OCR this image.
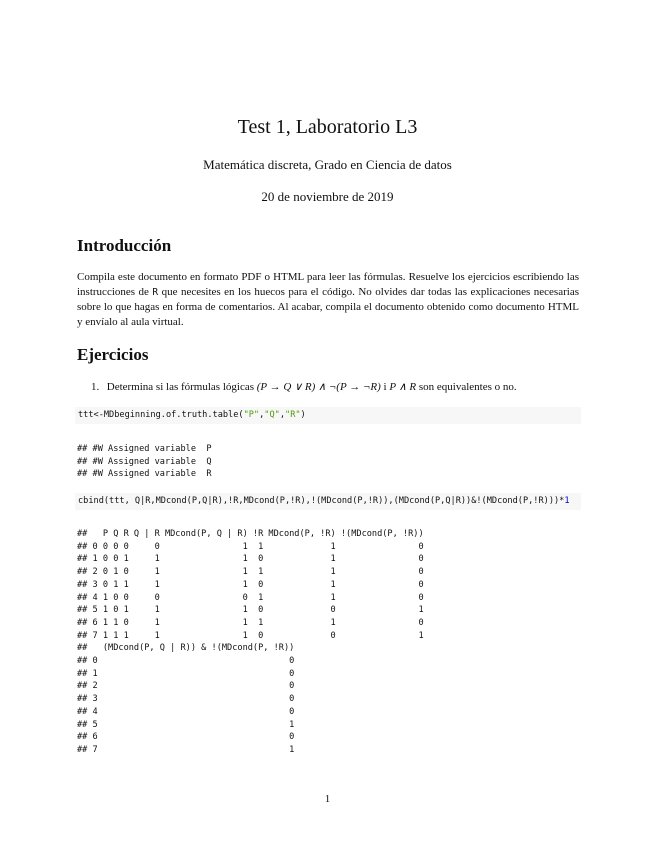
Test 1, Laboratorio L3
Matemática discreta, Grado en Ciencia de datos
20 de noviembre de 2019
Introducción
Compila este documento en formato PDF o HTML para leer las fórmulas. Resuelve los ejercicios escribiendo las instrucciones de R que necesites en los huecos para el código. No olvides dar todas las explicaciones necesarias sobre lo que hagas en forma de comentarios. Al acabar, compila el documento obtenido como documento HTML y envíalo al aula virtual.
Ejercicios
1. Determina si las fórmulas lógicas (P → Q ∨ R) ∧ ¬(P → ¬R) i P ∧ R son equivalentes o no.
ttt<-MDbeginning.of.truth.table("P","Q","R")
## #W Assigned variable  P
## #W Assigned variable  Q
## #W Assigned variable  R
cbind(ttt, Q|R,MDcond(P,Q|R),!R,MDcond(P,!R),!(MDcond(P,!R)),(MDcond(P,Q|R))&!(MDcond(P,!R)))*1
##   P Q R Q | R MDcond(P, Q | R) !R MDcond(P, !R) !(MDcond(P, !R))
## 0 0 0 0     0                1  1             1                0
## 1 0 0 1     1                1  0             1                0
## 2 0 1 0     1                1  1             1                0
## 3 0 1 1     1                1  0             1                0
## 4 1 0 0     0                0  1             1                0
## 5 1 0 1     1                1  0             0                1
## 6 1 1 0     1                1  1             1                0
## 7 1 1 1     1                1  0             0                1
##   (MDcond(P, Q | R)) & !(MDcond(P, !R))
## 0                                     0
## 1                                     0
## 2                                     0
## 3                                     0
## 4                                     0
## 5                                     1
## 6                                     0
## 7                                     1
1
